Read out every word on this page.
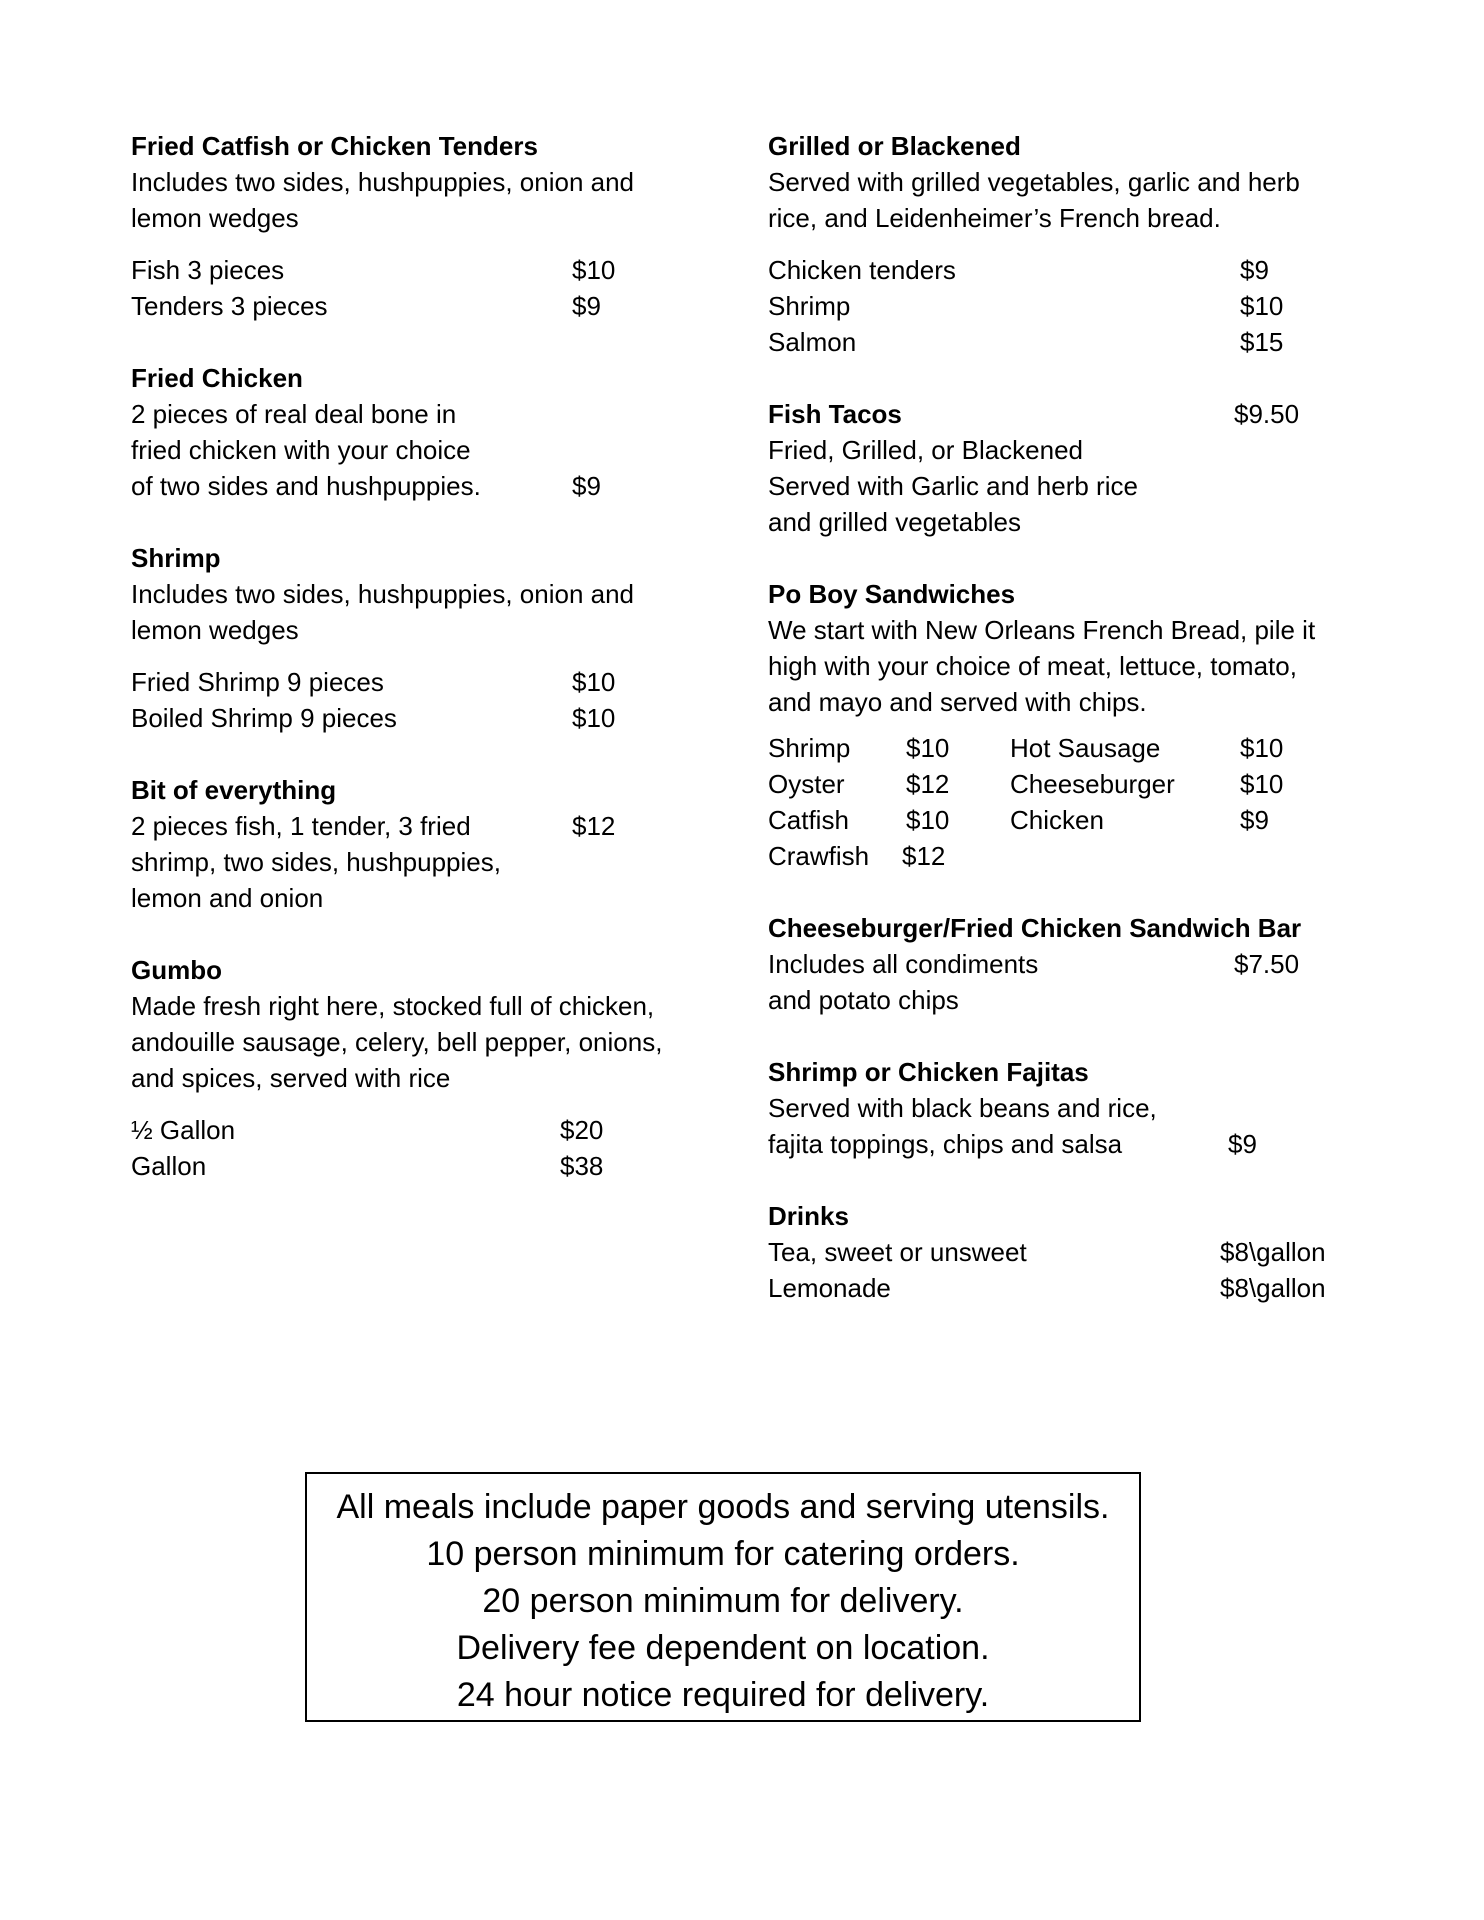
Fried Catfish or Chicken Tenders
Includes two sides, hushpuppies, onion and
lemon wedges
Fish 3 pieces	$10
Tenders 3 pieces	$9
Fried Chicken
2 pieces of real deal bone in
fried chicken with your choice
of two sides and hushpuppies.	$9
Shrimp
Includes two sides, hushpuppies, onion and
lemon wedges
Fried Shrimp 9 pieces	$10
Boiled Shrimp 9 pieces	$10
Bit of everything
2 pieces fish, 1 tender, 3 fried	$12
shrimp, two sides, hushpuppies,
lemon and onion
Gumbo
Made fresh right here, stocked full of chicken,
andouille sausage, celery, bell pepper, onions,
and spices, served with rice
½ Gallon	$20
Gallon	$38
Grilled or Blackened
Served with grilled vegetables, garlic and herb
rice, and Leidenheimer’s French bread.
Chicken tenders	$9
Shrimp	$10
Salmon	$15
Fish Tacos	$9.50
Fried, Grilled, or Blackened
Served with Garlic and herb rice
and grilled vegetables
Po Boy Sandwiches
We start with New Orleans French Bread, pile it
high with your choice of meat, lettuce, tomato,
and mayo and served with chips.
Shrimp $10 Hot Sausage	$10
Oyster $12 Cheeseburger	$10
Catfish $10 Chicken	$9
Crawfish $12
Cheeseburger/Fried Chicken Sandwich Bar
Includes all condiments	$7.50
and potato chips
Shrimp or Chicken Fajitas
Served with black beans and rice,
fajita toppings, chips and salsa	$9
Drinks
Tea, sweet or unsweet	$8\gallon
Lemonade	$8\gallon
All meals include paper goods and serving utensils.
10 person minimum for catering orders.
20 person minimum for delivery.
Delivery fee dependent on location.
24 hour notice required for delivery.
